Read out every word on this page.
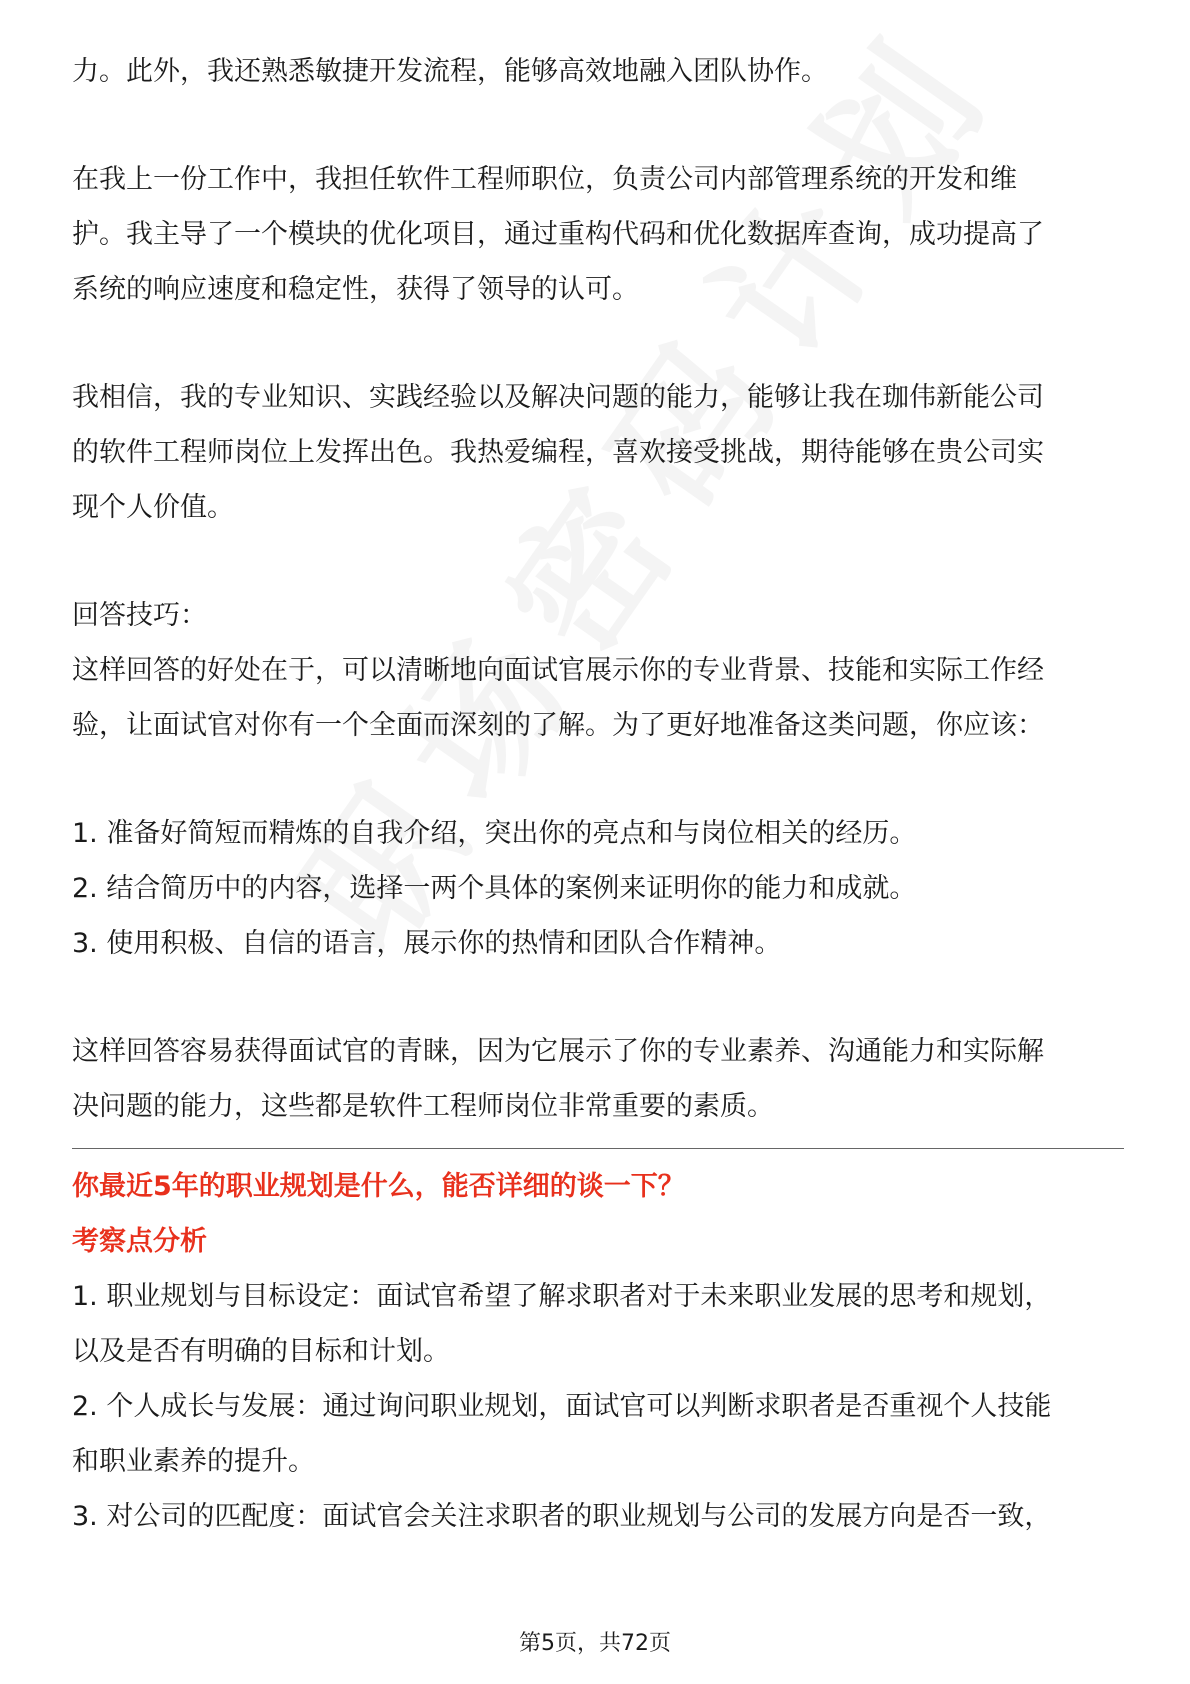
力。此外，我还熟悉敏捷开发流程，能够高效地融入团队协作。
在我上一份工作中，我担任软件工程师职位，负责公司内部管理系统的开发和维
护。我主导了一个模块的优化项目，通过重构代码和优化数据库查询，成功提高了
系统的响应速度和稳定性，获得了领导的认可。
我相信，我的专业知识、实践经验以及解决问题的能力，能够让我在珈伟新能公司
的软件工程师岗位上发挥出色。我热爱编程，喜欢接受挑战，期待能够在贵公司实
现个人价值。
回答技巧：
这样回答的好处在于，可以清晰地向面试官展示你的专业背景、技能和实际工作经
验，让面试官对你有一个全面而深刻的了解。为了更好地准备这类问题，你应该：
1. 准备好简短而精炼的自我介绍，突出你的亮点和与岗位相关的经历。
2. 结合简历中的内容，选择一两个具体的案例来证明你的能力和成就。
3. 使用积极、自信的语言，展示你的热情和团队合作精神。
这样回答容易获得面试官的青睐，因为它展示了你的专业素养、沟通能力和实际解
决问题的能力，这些都是软件工程师岗位非常重要的素质。
你最近5年的职业规划是什么，能否详细的谈一下？
考察点分析
1. 职业规划与目标设定：面试官希望了解求职者对于未来职业发展的思考和规划，
以及是否有明确的目标和计划。
2. 个人成长与发展：通过询问职业规划，面试官可以判断求职者是否重视个人技能
和职业素养的提升。
3. 对公司的匹配度：面试官会关注求职者的职业规划与公司的发展方向是否一致，
第5页，共72页
